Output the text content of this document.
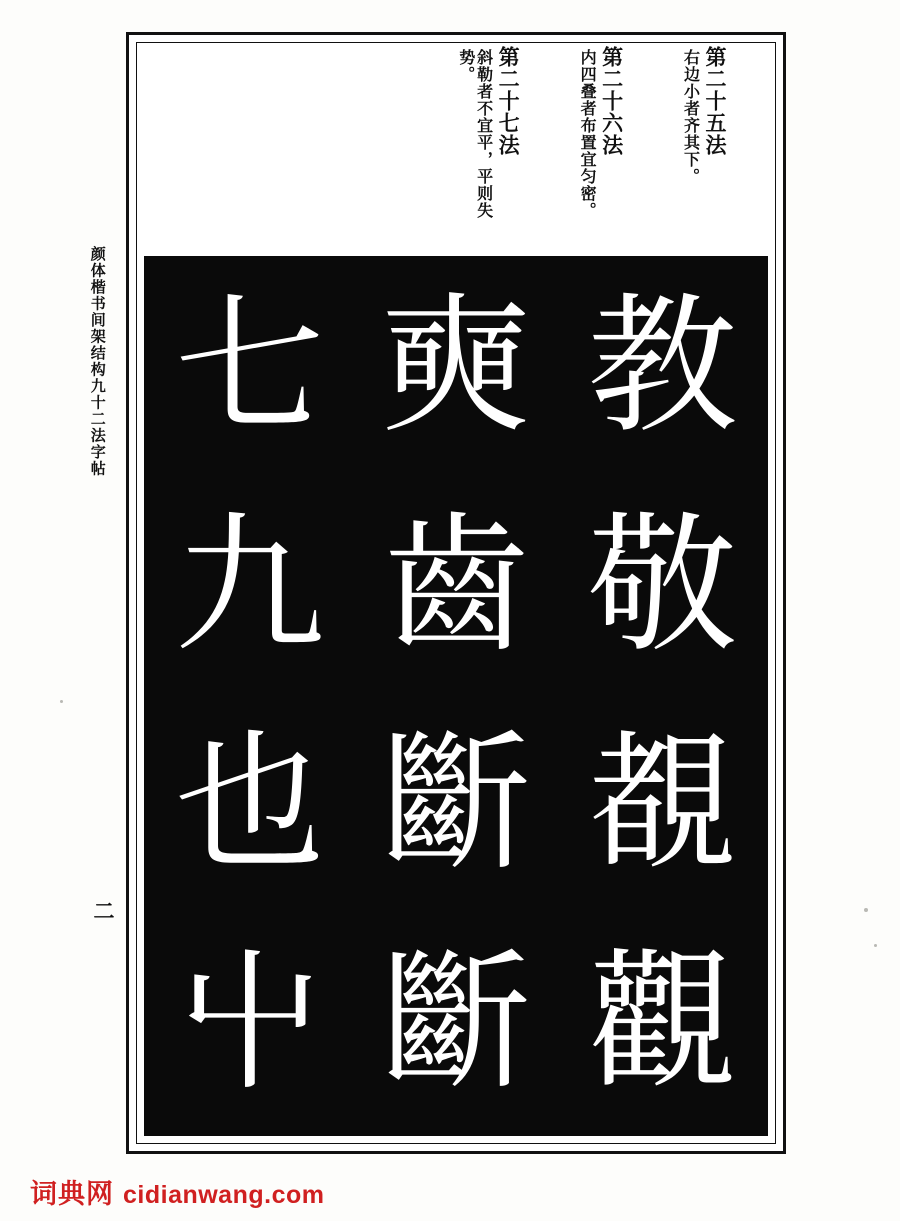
颜体楷书间架结构九十二法字帖
二
第二十五法
右边小者齐其下。
第二十六法
内四叠者布置宜匀密。
第二十七法
斜勒者不宜平，平则失势。
七 奭 教
九 齒 敬
也 斷 覩
屮 斷 觀
词典网 cidianwang.com
